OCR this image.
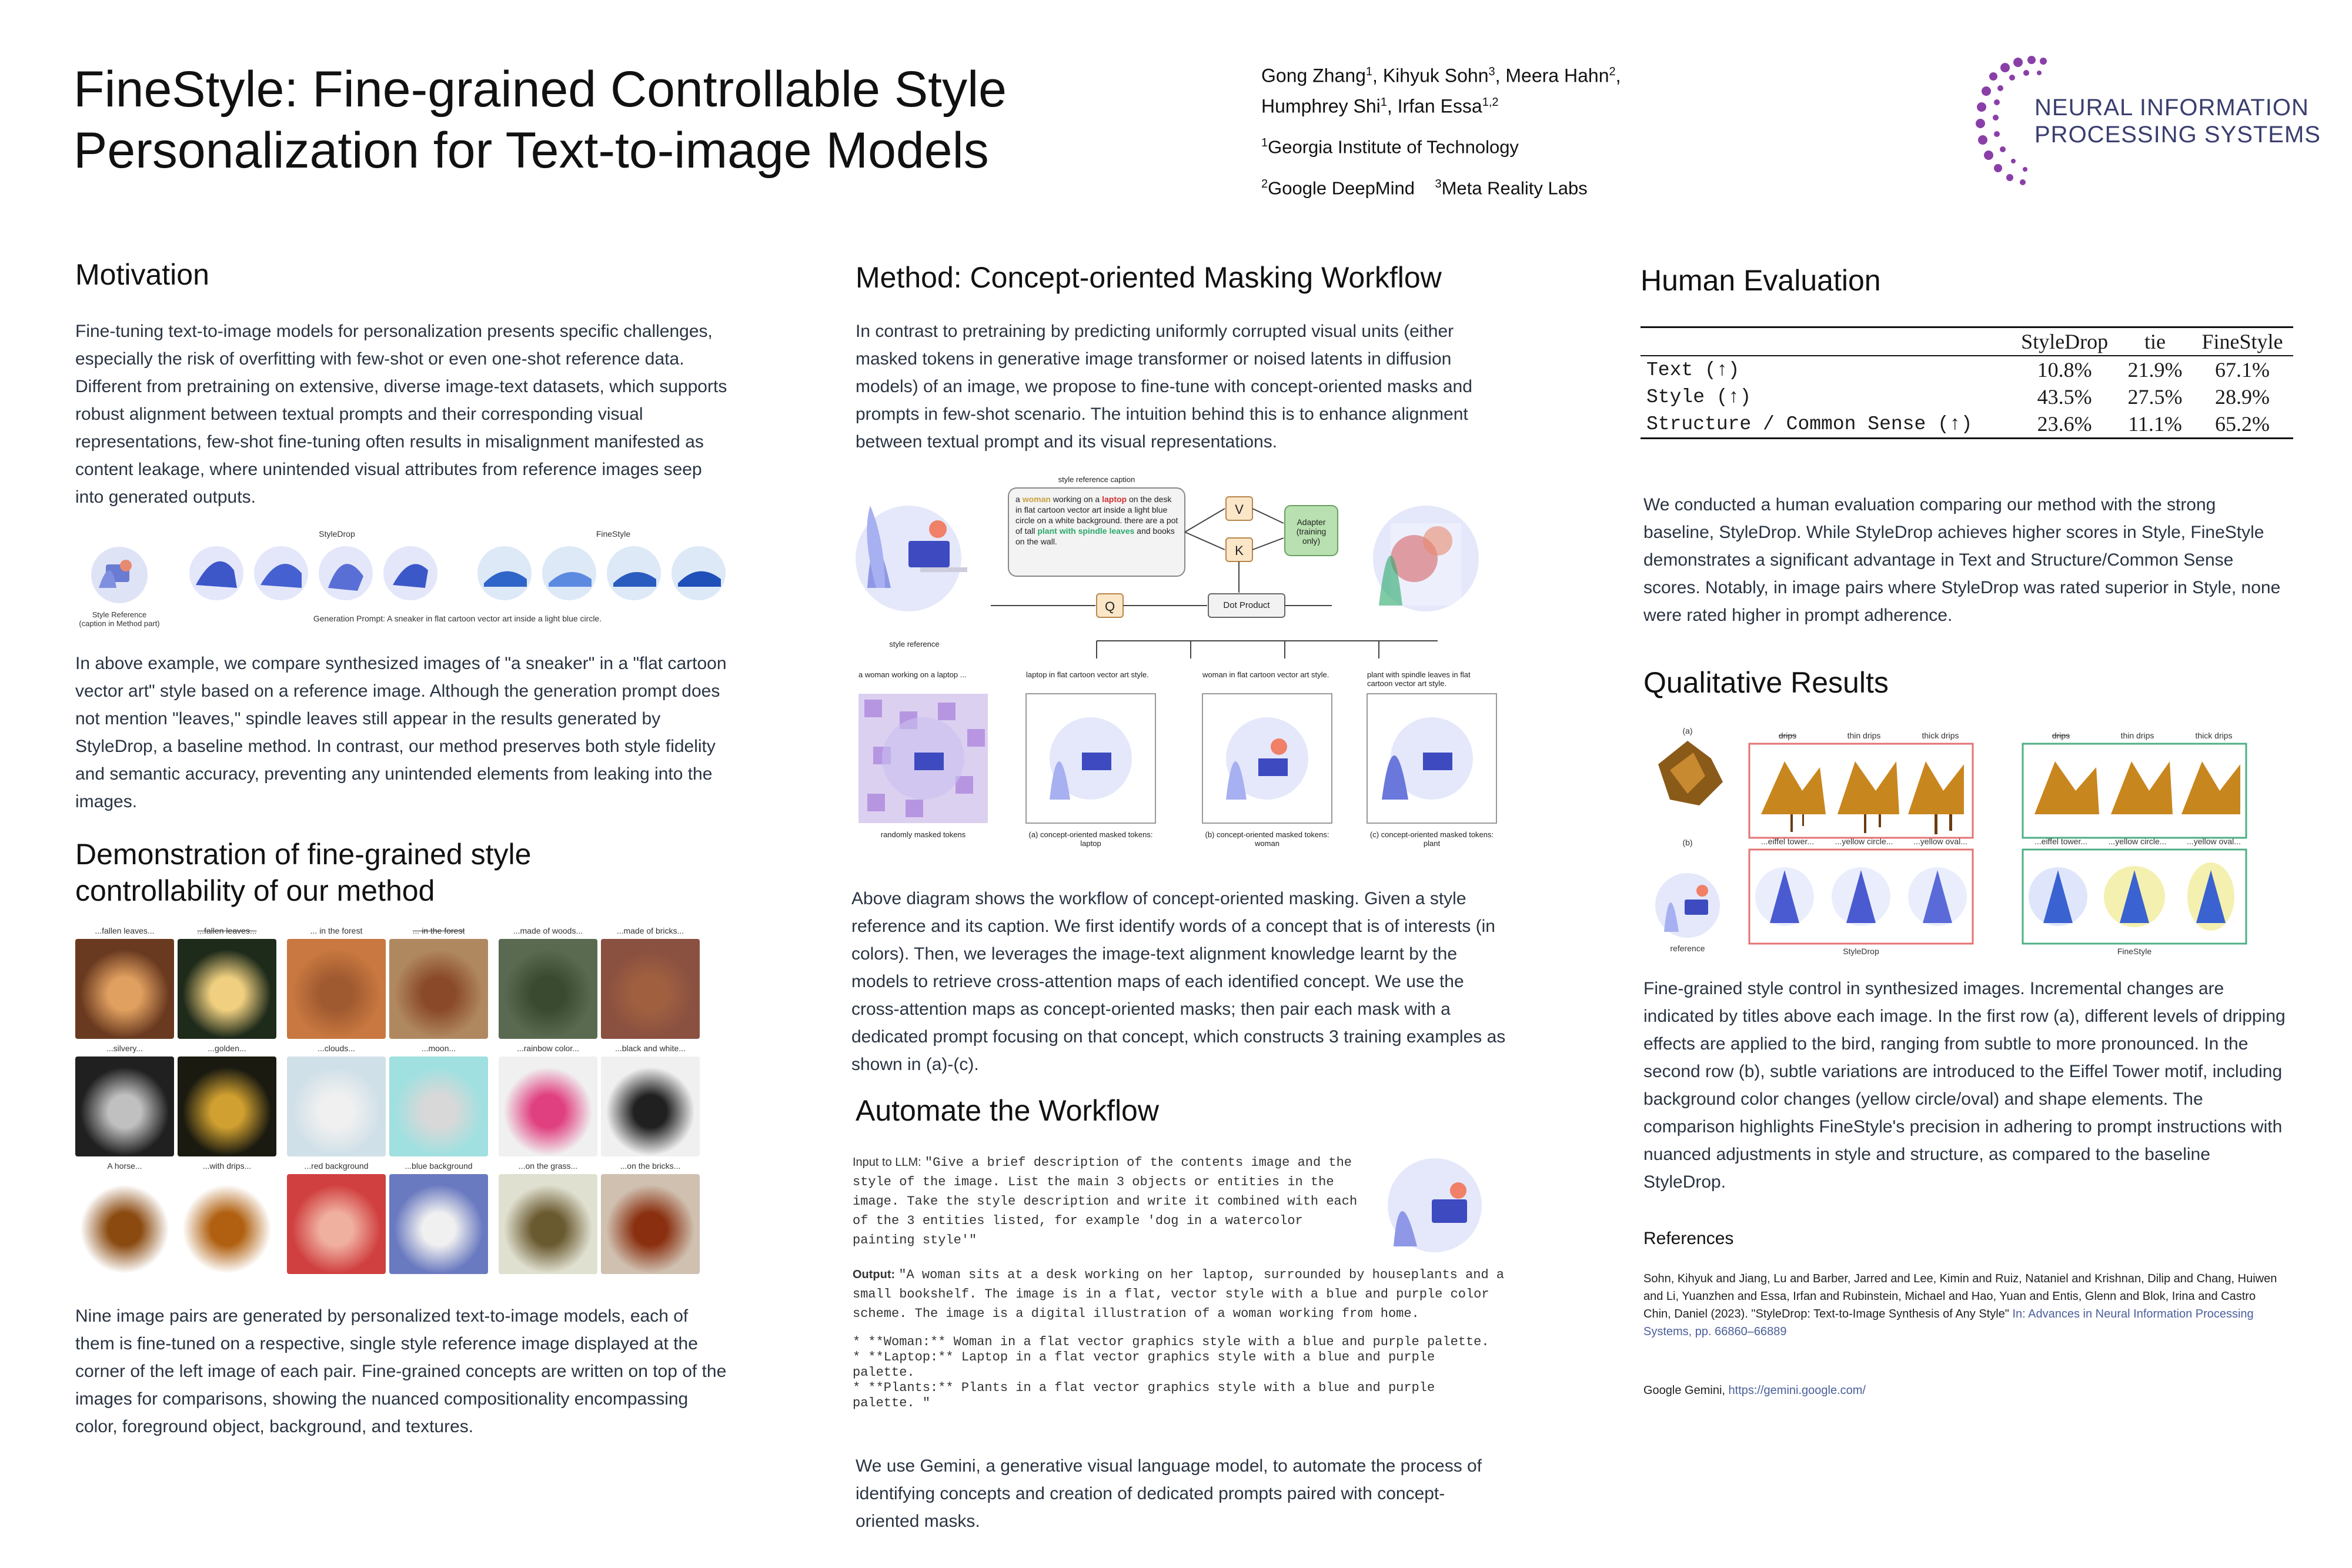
FineStyle: Fine-grained Controllable Style
Personalization for Text-to-image Models
Gong Zhang$^1$, Kihyuk Sohn$^3$, Meera Hahn$^2$,
Humphrey Shi$^1$, Irfan Essa$^{1,2}$
$^1$Georgia Institute of Technology
$^2$Google DeepMind $^3$Meta Reality Labs
NEURAL INFORMATION
PROCESSING SYSTEMS
Motivation
Fine-tuning text-to-image models for personalization presents specific challenges, especially the risk of overfitting with few-shot or even one-shot reference data. Different from pretraining on extensive, diverse image-text datasets, which supports robust alignment between textual prompts and their corresponding visual representations, few-shot fine-tuning often results in misalignment manifested as content leakage, where unintended visual attributes from reference images seep into generated outputs.
StyleDrop	FineStyle
Style Reference
(caption in Method part)
Generation Prompt: A sneaker in flat cartoon vector art inside a light blue circle.
In above example, we compare synthesized images of "a sneaker" in a "flat cartoon vector art" style based on a reference image. Although the generation prompt does not mention "leaves," spindle leaves still appear in the results generated by StyleDrop, a baseline method. In contrast, our method preserves both style fidelity and semantic accuracy, preventing any unintended elements from leaking into the images.
Demonstration of fine-grained style
controllability of our method
...fallen leaves...	...fallen leaves...	... in the forest	... in the forest	...made of woods...	...made of bricks...
...silvery...	...golden...	...clouds...	...moon...	...rainbow color...	...black and white...
A horse...	...with drips...	...red background	...blue background	...on the grass...	...on the bricks...
Nine image pairs are generated by personalized text-to-image models, each of them is fine-tuned on a respective, single style reference image displayed at the corner of the left image of each pair. Fine-grained concepts are written on top of the images for comparisons, showing the nuanced compositionality encompassing color, foreground object, background, and textures.
Method: Concept-oriented Masking Workflow
In contrast to pretraining by predicting uniformly corrupted visual units (either masked tokens in generative image transformer or noised latents in diffusion models) of an image, we propose to fine-tune with concept-oriented masks and prompts in few-shot scenario. The intuition behind this is to enhance alignment between textual prompt and its visual representations.
style reference caption
a woman working on a laptop on the desk in flat cartoon vector art inside a light blue circle on a white background. there are a pot of tall plant with spindle leaves and books on the wall.
V
K
Q
Adapter (training only)
Dot Product
style reference
a woman working on a laptop ...	laptop in flat cartoon vector art style.	woman in flat cartoon vector art style.	plant with spindle leaves in flat cartoon vector art style.
randomly masked tokens	(a) concept-oriented masked tokens: laptop
(b) concept-oriented masked tokens: woman
(c) concept-oriented masked tokens: plant
Above diagram shows the workflow of concept-oriented masking. Given a style reference and its caption. We first identify words of a concept that is of interests (in colors). Then, we leverages the image-text alignment knowledge learnt by the models to retrieve cross-attention maps of each identified concept. We use the cross-attention maps as concept-oriented masks; then pair each mask with a dedicated prompt focusing on that concept, which constructs 3 training examples as shown in (a)-(c).
Automate the Workflow
Input to LLM: "Give a brief description of the contents image and the style of the image. List the main 3 objects or entities in the image. Take the style description and write it combined with each of the 3 entities listed, for example 'dog in a watercolor painting style'"
Output: "A woman sits at a desk working on her laptop, surrounded by houseplants and a small bookshelf. The image is in a flat, vector style with a blue and purple color scheme. The image is a digital illustration of a woman working from home.
* **Woman:** Woman in a flat vector graphics style with a blue and purple palette.
* **Laptop:** Laptop in a flat vector graphics style with a blue and purple palette.
* **Plants:** Plants in a flat vector graphics style with a blue and purple palette. "
We use Gemini, a generative visual language model, to automate the process of identifying concepts and creation of dedicated prompts paired with concept-oriented masks.
Human Evaluation
	StyleDrop	tie	FineStyle
Text (↑)	10.8%	21.9%	67.1%
Style (↑)	43.5%	27.5%	28.9%
Structure / Common Sense (↑)	23.6%	11.1%	65.2%
We conducted a human evaluation comparing our method with the strong baseline, StyleDrop. While StyleDrop achieves higher scores in Style, FineStyle demonstrates a significant advantage in Text and Structure/Common Sense scores. Notably, in image pairs where StyleDrop was rated superior in Style, none were rated higher in prompt adherence.
Qualitative Results
(a)
(b)
reference	StyleDrop	FineStyle
drips	thin drips	thick drips	drips	thin drips	thick drips
...eiffel tower...	...yellow circle... ...yellow oval...	...eiffel tower...	...yellow circle... ...yellow oval...
Fine-grained style control in synthesized images. Incremental changes are indicated by titles above each image. In the first row (a), different levels of dripping effects are applied to the bird, ranging from subtle to more pronounced. In the second row (b), subtle variations are introduced to the Eiffel Tower motif, including background color changes (yellow circle/oval) and shape elements. The comparison highlights FineStyle's precision in adhering to prompt instructions with nuanced adjustments in style and structure, as compared to the baseline StyleDrop.
References
Sohn, Kihyuk and Jiang, Lu and Barber, Jarred and Lee, Kimin and Ruiz, Nataniel and Krishnan, Dilip and Chang, Huiwen and Li, Yuanzhen and Essa, Irfan and Rubinstein, Michael and Hao, Yuan and Entis, Glenn and Blok, Irina and Castro Chin, Daniel (2023). "StyleDrop: Text-to-Image Synthesis of Any Style" In: Advances in Neural Information Processing Systems, pp. 66860–66889
Google Gemini, https://gemini.google.com/
